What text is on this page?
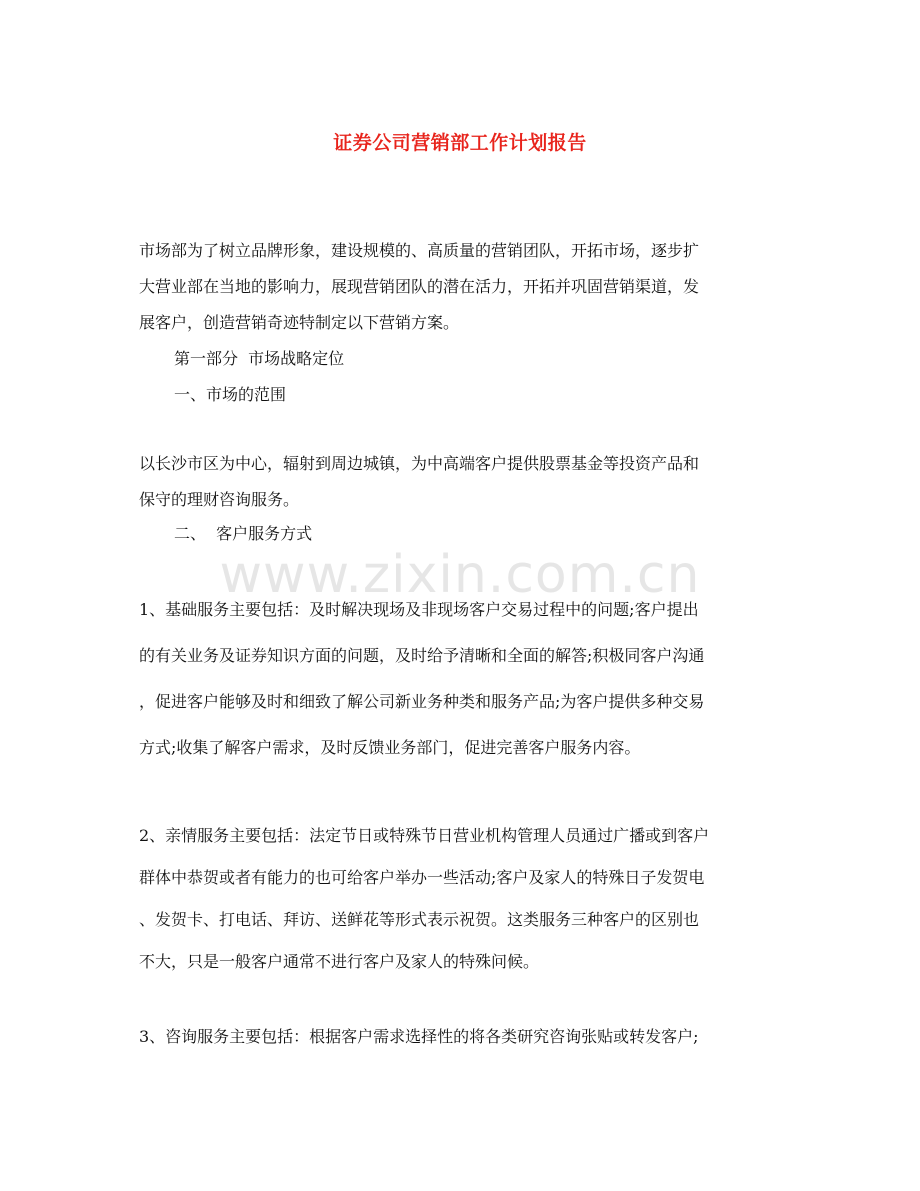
证券公司营销部工作计划报告
市场部为了树立品牌形象，建设规模的、高质量的营销团队，开拓市场，逐步扩
大营业部在当地的影响力，展现营销团队的潜在活力，开拓并巩固营销渠道，发
展客户，创造营销奇迹特制定以下营销方案。
第一部分  市场战略定位
一、市场的范围
以长沙市区为中心，辐射到周边城镇，为中高端客户提供股票基金等投资产品和
保守的理财咨询服务。
二、  客户服务方式
www.zixin.com.cn
1、基础服务主要包括：及时解决现场及非现场客户交易过程中的问题;客户提出
的有关业务及证券知识方面的问题，及时给予清晰和全面的解答;积极同客户沟通
，促进客户能够及时和细致了解公司新业务种类和服务产品;为客户提供多种交易
方式;收集了解客户需求，及时反馈业务部门，促进完善客户服务内容。
2、亲情服务主要包括：法定节日或特殊节日营业机构管理人员通过广播或到客户
群体中恭贺或者有能力的也可给客户举办一些活动;客户及家人的特殊日子发贺电
、发贺卡、打电话、拜访、送鲜花等形式表示祝贺。这类服务三种客户的区别也
不大，只是一般客户通常不进行客户及家人的特殊问候。
3、咨询服务主要包括：根据客户需求选择性的将各类研究咨询张贴或转发客户;
